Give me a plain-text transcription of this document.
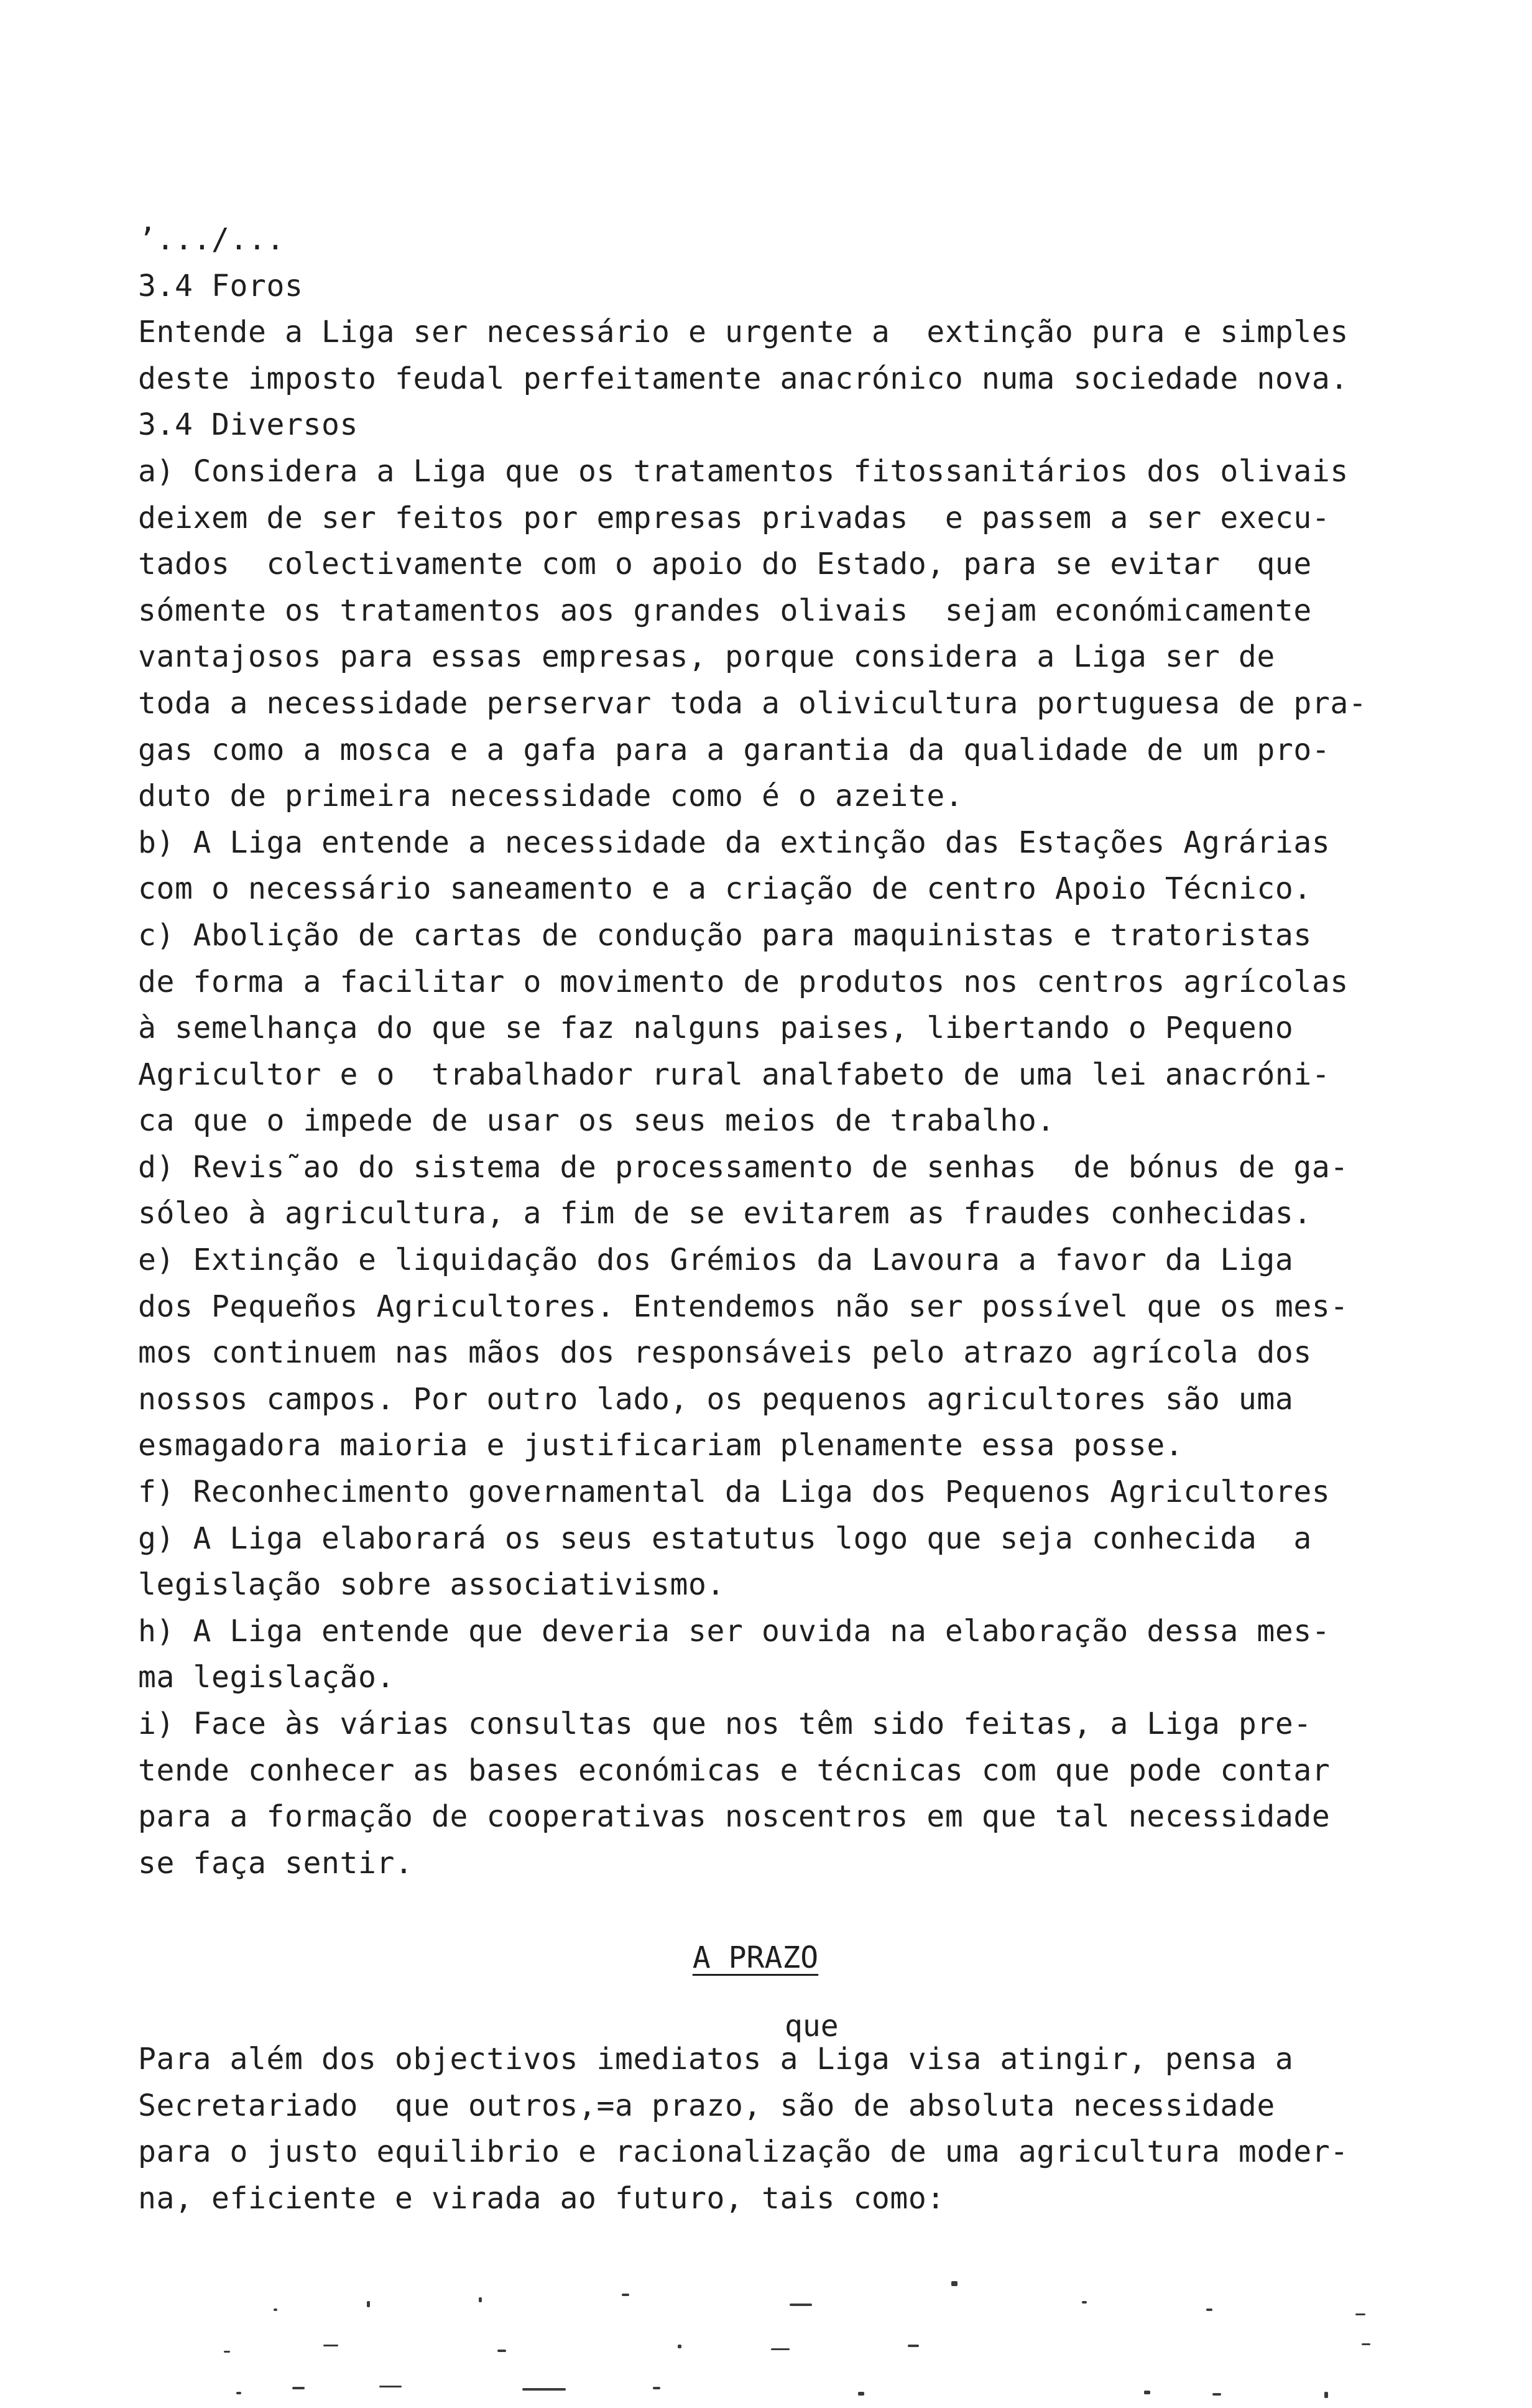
’.../...
3.4 Foros
Entende a Liga ser necessário e urgente a  extinção pura e simples
deste imposto feudal perfeitamente anacrónico numa sociedade nova.
3.4 Diversos
a) Considera a Liga que os tratamentos fitossanitários dos olivais
deixem de ser feitos por empresas privadas  e passem a ser execu-
tados  colectivamente com o apoio do Estado, para se evitar  que
sómente os tratamentos aos grandes olivais  sejam económicamente
vantajosos para essas empresas, porque considera a Liga ser de
toda a necessidade perservar toda a olivicultura portuguesa de pra-
gas como a mosca e a gafa para a garantia da qualidade de um pro-
duto de primeira necessidade como é o azeite.
b) A Liga entende a necessidade da extinção das Estações Agrárias
com o necessário saneamento e a criação de centro Apoio Técnico.
c) Abolição de cartas de condução para maquinistas e tratoristas
de forma a facilitar o movimento de produtos nos centros agrícolas
à semelhança do que se faz nalguns paises, libertando o Pequeno
Agricultor e o  trabalhador rural analfabeto de uma lei anacróni-
ca que o impede de usar os seus meios de trabalho.
d) Revis˜ao do sistema de processamento de senhas  de bónus de ga-
sóleo à agricultura, a fim de se evitarem as fraudes conhecidas.
e) Extinção e liquidação dos Grémios da Lavoura a favor da Liga
dos Pequeños Agricultores. Entendemos não ser possível que os mes-
mos continuem nas mãos dos responsáveis pelo atrazo agrícola dos
nossos campos. Por outro lado, os pequenos agricultores são uma
esmagadora maioria e justificariam plenamente essa posse.
f) Reconhecimento governamental da Liga dos Pequenos Agricultores
g) A Liga elaborará os seus estatutus logo que seja conhecida  a
legislação sobre associativismo.
h) A Liga entende que deveria ser ouvida na elaboração dessa mes-
ma legislação.
i) Face às várias consultas que nos têm sido feitas, a Liga pre-
tende conhecer as bases económicas e técnicas com que pode contar
para a formação de cooperativas noscentros em que tal necessidade
se faça sentir.
A PRAZO
que
Para além dos objectivos imediatos a Liga visa atingir, pensa a
Secretariado  que outros,=a prazo, são de absoluta necessidade
para o justo equilibrio e racionalização de uma agricultura moder-
na, eficiente e virada ao futuro, tais como:
